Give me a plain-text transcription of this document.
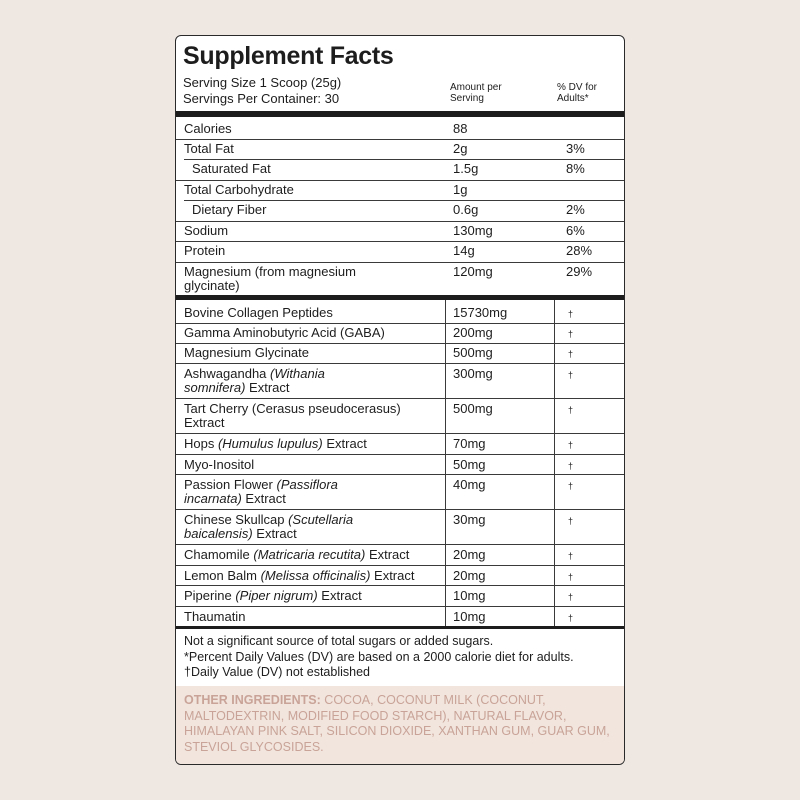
Supplement Facts
Serving Size 1 Scoop (25g)
Servings Per Container: 30
Amount per
Serving
% DV for
Adults*
Calories	88
Total Fat	2g	3%
Saturated Fat	1.5g	8%
Total Carbohydrate	1g
Dietary Fiber	0.6g	2%
Sodium	130mg	6%
Protein	14g	28%
Magnesium (from magnesium
glycinate)
120mg	29%
Bovine Collagen Peptides	15730mg	†
Gamma Aminobutyric Acid (GABA)	200mg	†
Magnesium Glycinate	500mg	†
Ashwagandha (Withania
somnifera) Extract
300mg	†
Tart Cherry (Cerasus pseudocerasus)
Extract
500mg	†
Hops (Humulus lupulus) Extract	70mg	†
Myo-Inositol	50mg	†
Passion Flower (Passiflora
incarnata) Extract
40mg	†
Chinese Skullcap (Scutellaria
baicalensis) Extract
30mg	†
Chamomile (Matricaria recutita) Extract	20mg	†
Lemon Balm (Melissa officinalis) Extract	20mg	†
Piperine (Piper nigrum) Extract	10mg	†
Thaumatin	10mg	†
Not a significant source of total sugars or added sugars.
*Percent Daily Values (DV) are based on a 2000 calorie diet for adults.
†Daily Value (DV) not established
OTHER INGREDIENTS: COCOA, COCONUT MILK (COCONUT, MALTODEXTRIN, MODIFIED FOOD STARCH), NATURAL FLAVOR, HIMALAYAN PINK SALT, SILICON DIOXIDE, XANTHAN GUM, GUAR GUM, STEVIOL GLYCOSIDES.
